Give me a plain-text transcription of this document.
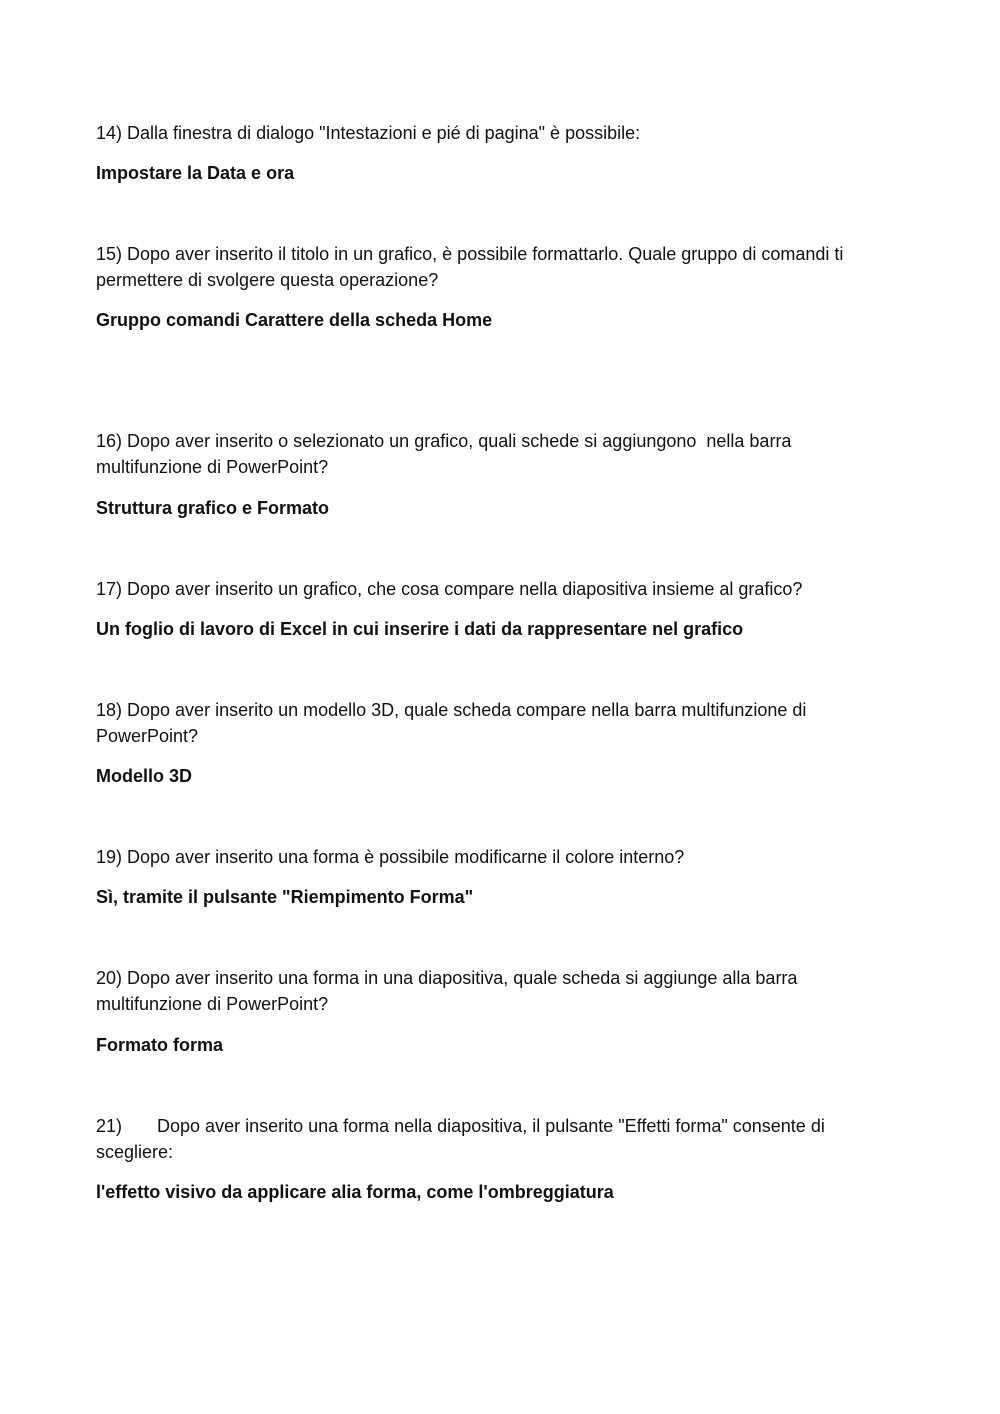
14) Dalla finestra di dialogo "Intestazioni e pié di pagina" è possibile:

Impostare la Data e ora

15) Dopo aver inserito il titolo in un grafico, è possibile formattarlo. Quale gruppo di comandi ti permettere di svolgere questa operazione?

Gruppo comandi Carattere della scheda Home

16) Dopo aver inserito o selezionato un grafico, quali schede si aggiungono  nella barra multifunzione di PowerPoint?

Struttura grafico e Formato

17) Dopo aver inserito un grafico, che cosa compare nella diapositiva insieme al grafico?

Un foglio di lavoro di Excel in cui inserire i dati da rappresentare nel grafico

18) Dopo aver inserito un modello 3D, quale scheda compare nella barra multifunzione di PowerPoint?

Modello 3D

19) Dopo aver inserito una forma è possibile modificarne il colore interno?

Sì, tramite il pulsante "Riempimento Forma"

20) Dopo aver inserito una forma in una diapositiva, quale scheda si aggiunge alla barra multifunzione di PowerPoint?

Formato forma

21)       Dopo aver inserito una forma nella diapositiva, il pulsante "Effetti forma" consente di scegliere:

l'effetto visivo da applicare alia forma, come l'ombreggiatura
